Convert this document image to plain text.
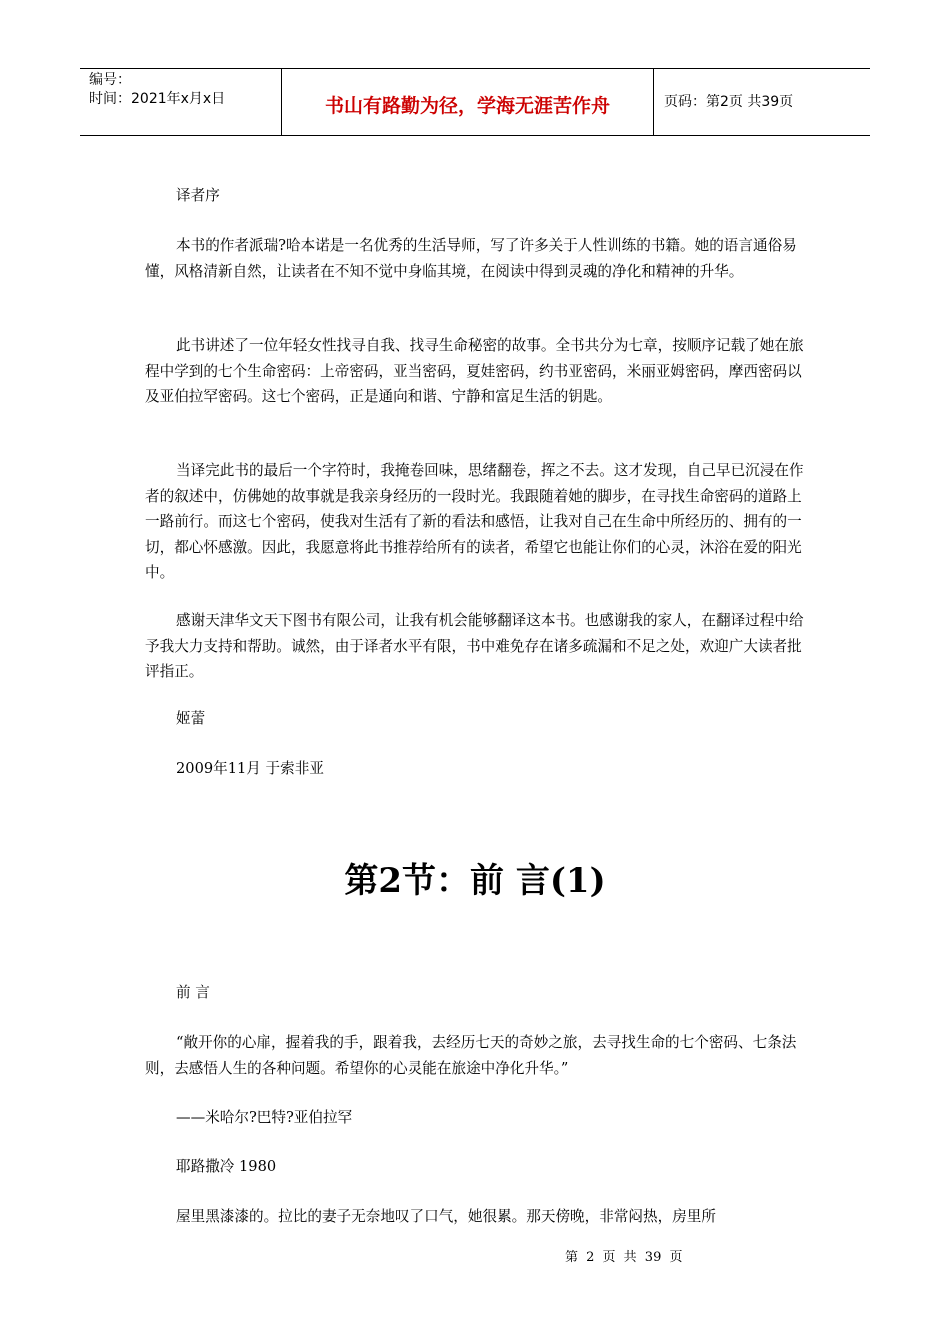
编号：
时间：2021年x月x日	书山有路勤为径，学海无涯苦作舟	页码：第2页 共39页

译者序

本书的作者派瑞?哈本诺是一名优秀的生活导师，写了许多关于人性训练的书籍。她的语言通俗易懂，风格清新自然，让读者在不知不觉中身临其境，在阅读中得到灵魂的净化和精神的升华。

此书讲述了一位年轻女性找寻自我、找寻生命秘密的故事。全书共分为七章，按顺序记载了她在旅程中学到的七个生命密码：上帝密码，亚当密码，夏娃密码，约书亚密码，米丽亚姆密码，摩西密码以及亚伯拉罕密码。这七个密码，正是通向和谐、宁静和富足生活的钥匙。

当译完此书的最后一个字符时，我掩卷回味，思绪翻卷，挥之不去。这才发现，自己早已沉浸在作者的叙述中，仿佛她的故事就是我亲身经历的一段时光。我跟随着她的脚步，在寻找生命密码的道路上一路前行。而这七个密码，使我对生活有了新的看法和感悟，让我对自己在生命中所经历的、拥有的一切，都心怀感激。因此，我愿意将此书推荐给所有的读者，希望它也能让你们的心灵，沐浴在爱的阳光中。

感谢天津华文天下图书有限公司，让我有机会能够翻译这本书。也感谢我的家人，在翻译过程中给予我大力支持和帮助。诚然，由于译者水平有限，书中难免存在诸多疏漏和不足之处，欢迎广大读者批评指正。

姬蕾

2009年11月 于索非亚

第2节：前 言(1)

前 言

“敞开你的心扉，握着我的手，跟着我，去经历七天的奇妙之旅，去寻找生命的七个密码、七条法则，去感悟人生的各种问题。希望你的心灵能在旅途中净化升华。”

——米哈尔?巴特?亚伯拉罕

耶路撒冷 1980

屋里黑漆漆的。拉比的妻子无奈地叹了口气，她很累。那天傍晚，非常闷热，房里所

第 2 页 共 39 页
